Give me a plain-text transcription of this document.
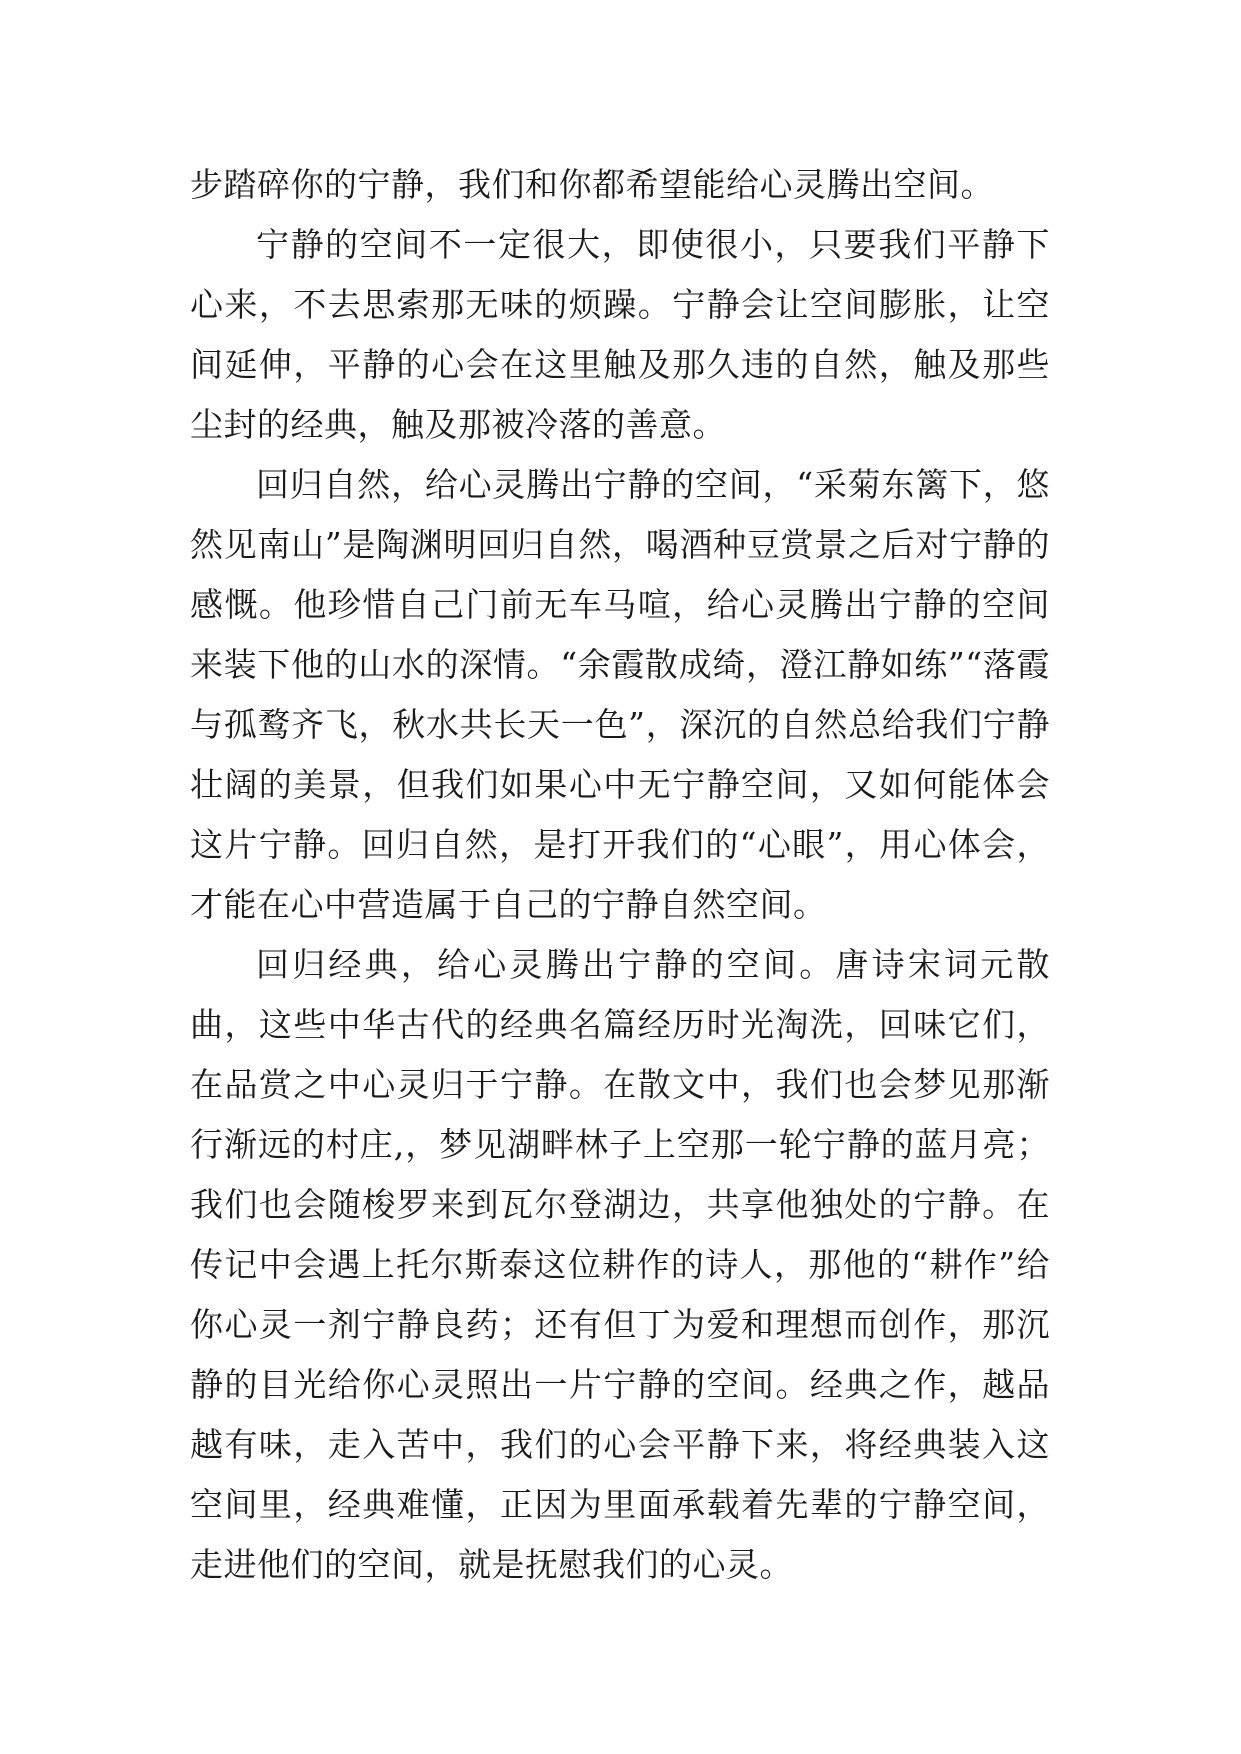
步踏碎你的宁静，我们和你都希望能给心灵腾出空间。

宁静的空间不一定很大，即使很小，只要我们平静下心来，不去思索那无味的烦躁。宁静会让空间膨胀，让空间延伸，平静的心会在这里触及那久违的自然，触及那些尘封的经典，触及那被冷落的善意。

回归自然，给心灵腾出宁静的空间，“采菊东篱下，悠然见南山”是陶渊明回归自然，喝酒种豆赏景之后对宁静的感慨。他珍惜自己门前无车马喧，给心灵腾出宁静的空间来装下他的山水的深情。“余霞散成绮，澄江静如练”“落霞与孤鹜齐飞，秋水共长天一色”，深沉的自然总给我们宁静壮阔的美景，但我们如果心中无宁静空间，又如何能体会这片宁静。回归自然，是打开我们的“心眼”，用心体会，才能在心中营造属于自己的宁静自然空间。

回归经典，给心灵腾出宁静的空间。唐诗宋词元散曲，这些中华古代的经典名篇经历时光淘洗，回味它们，在品赏之中心灵归于宁静。在散文中，我们也会梦见那渐行渐远的村庄,，梦见湖畔林子上空那一轮宁静的蓝月亮；我们也会随梭罗来到瓦尔登湖边，共享他独处的宁静。在传记中会遇上托尔斯泰这位耕作的诗人，那他的“耕作”给你心灵一剂宁静良药；还有但丁为爱和理想而创作，那沉静的目光给你心灵照出一片宁静的空间。经典之作，越品越有味，走入苦中，我们的心会平静下来，将经典装入这空间里，经典难懂，正因为里面承载着先辈的宁静空间，走进他们的空间，就是抚慰我们的心灵。
